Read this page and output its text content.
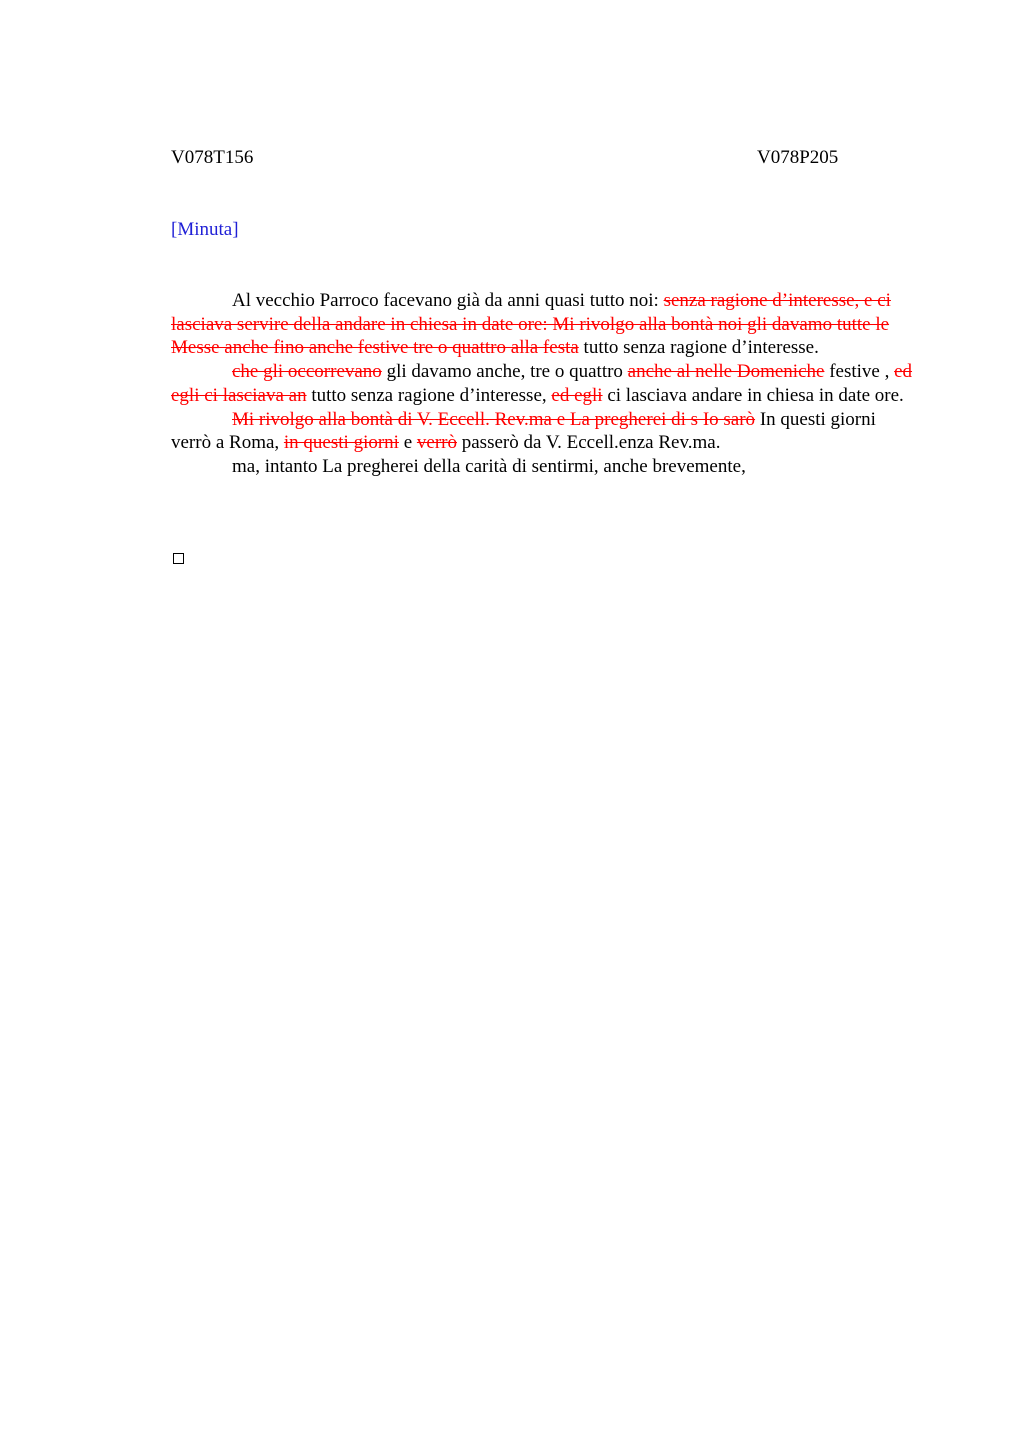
V078T156	V078P205
[Minuta]

Al vecchio Parroco facevano già da anni quasi tutto noi: senza ragione d’interesse, e ci lasciava servire della andare in chiesa in date ore: Mi rivolgo alla bontà noi gli davamo tutte le Messe anche fino anche festive tre o quattro alla festa tutto senza ragione d’interesse.

che gli occorrevano gli davamo anche, tre o quattro anche al nelle Domeniche festive , ed egli ci lasciava an tutto senza ragione d’interesse, ed egli ci lasciava andare in chiesa in date ore.

Mi rivolgo alla bontà di V. Eccell. Rev.ma e La pregherei di s Io sarò In questi giorni verrò a Roma, in questi giorni e verrò passerò da V. Eccell.enza Rev.ma.

ma, intanto La pregherei della carità di sentirmi, anche brevemente,
